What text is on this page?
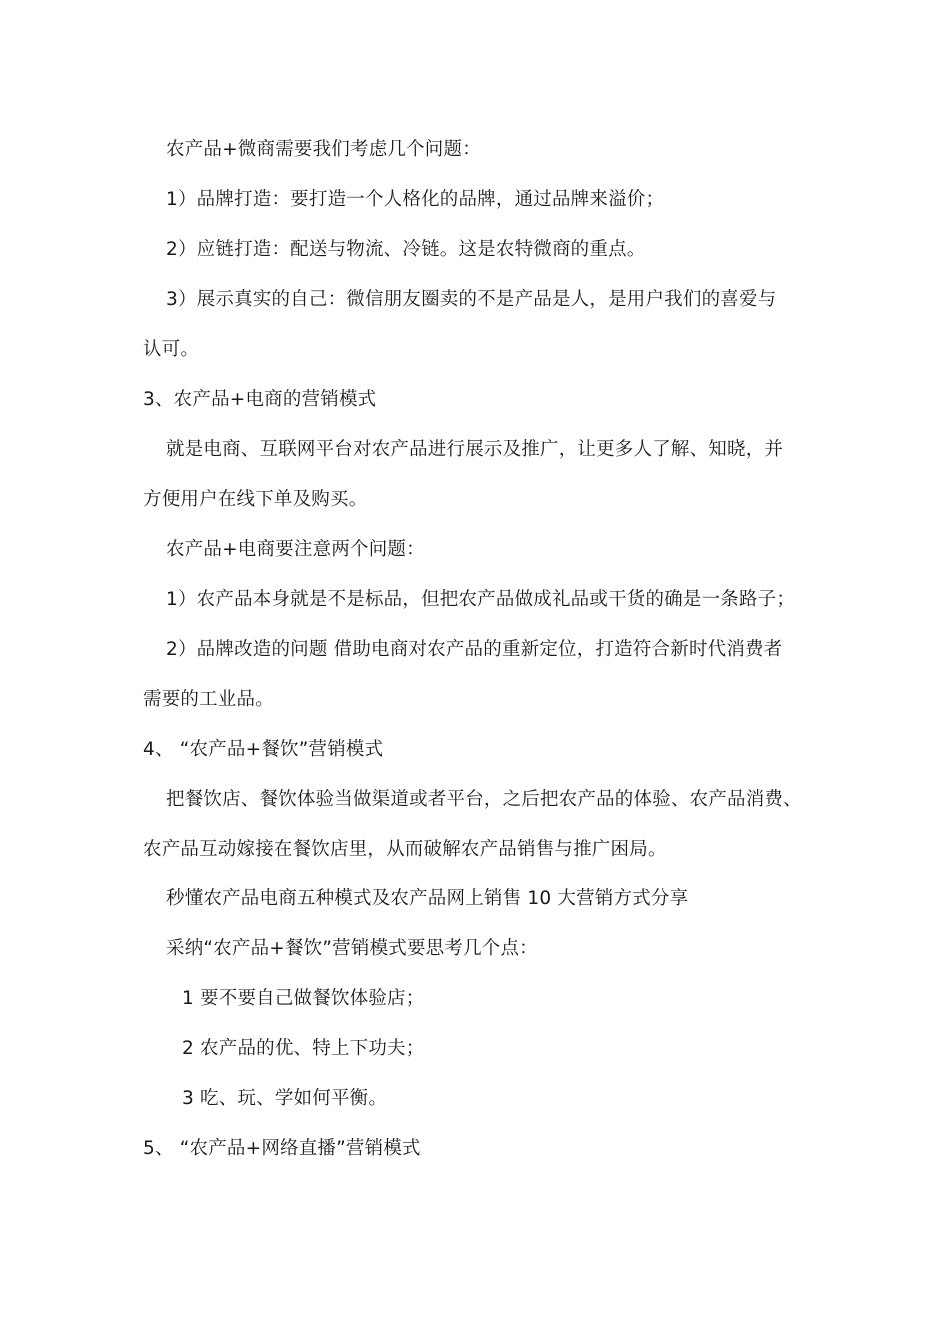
农产品+微商需要我们考虑几个问题：
1）品牌打造：要打造一个人格化的品牌，通过品牌来溢价；
2）应链打造：配送与物流、冷链。这是农特微商的重点。
3）展示真实的自己：微信朋友圈卖的不是产品是人，是用户我们的喜爱与
认可。
3、农产品+电商的营销模式
就是电商、互联网平台对农产品进行展示及推广，让更多人了解、知晓，并
方便用户在线下单及购买。
农产品+电商要注意两个问题：
1）农产品本身就是不是标品，但把农产品做成礼品或干货的确是一条路子；
2）品牌改造的问题 借助电商对农产品的重新定位，打造符合新时代消费者
需要的工业品。
4、 “农产品+餐饮”营销模式
把餐饮店、餐饮体验当做渠道或者平台，之后把农产品的体验、农产品消费、
农产品互动嫁接在餐饮店里，从而破解农产品销售与推广困局。
秒懂农产品电商五种模式及农产品网上销售 10 大营销方式分享
采纳“农产品+餐饮”营销模式要思考几个点：
1 要不要自己做餐饮体验店；
2 农产品的优、特上下功夫；
3 吃、玩、学如何平衡。
5、 “农产品+网络直播”营销模式
